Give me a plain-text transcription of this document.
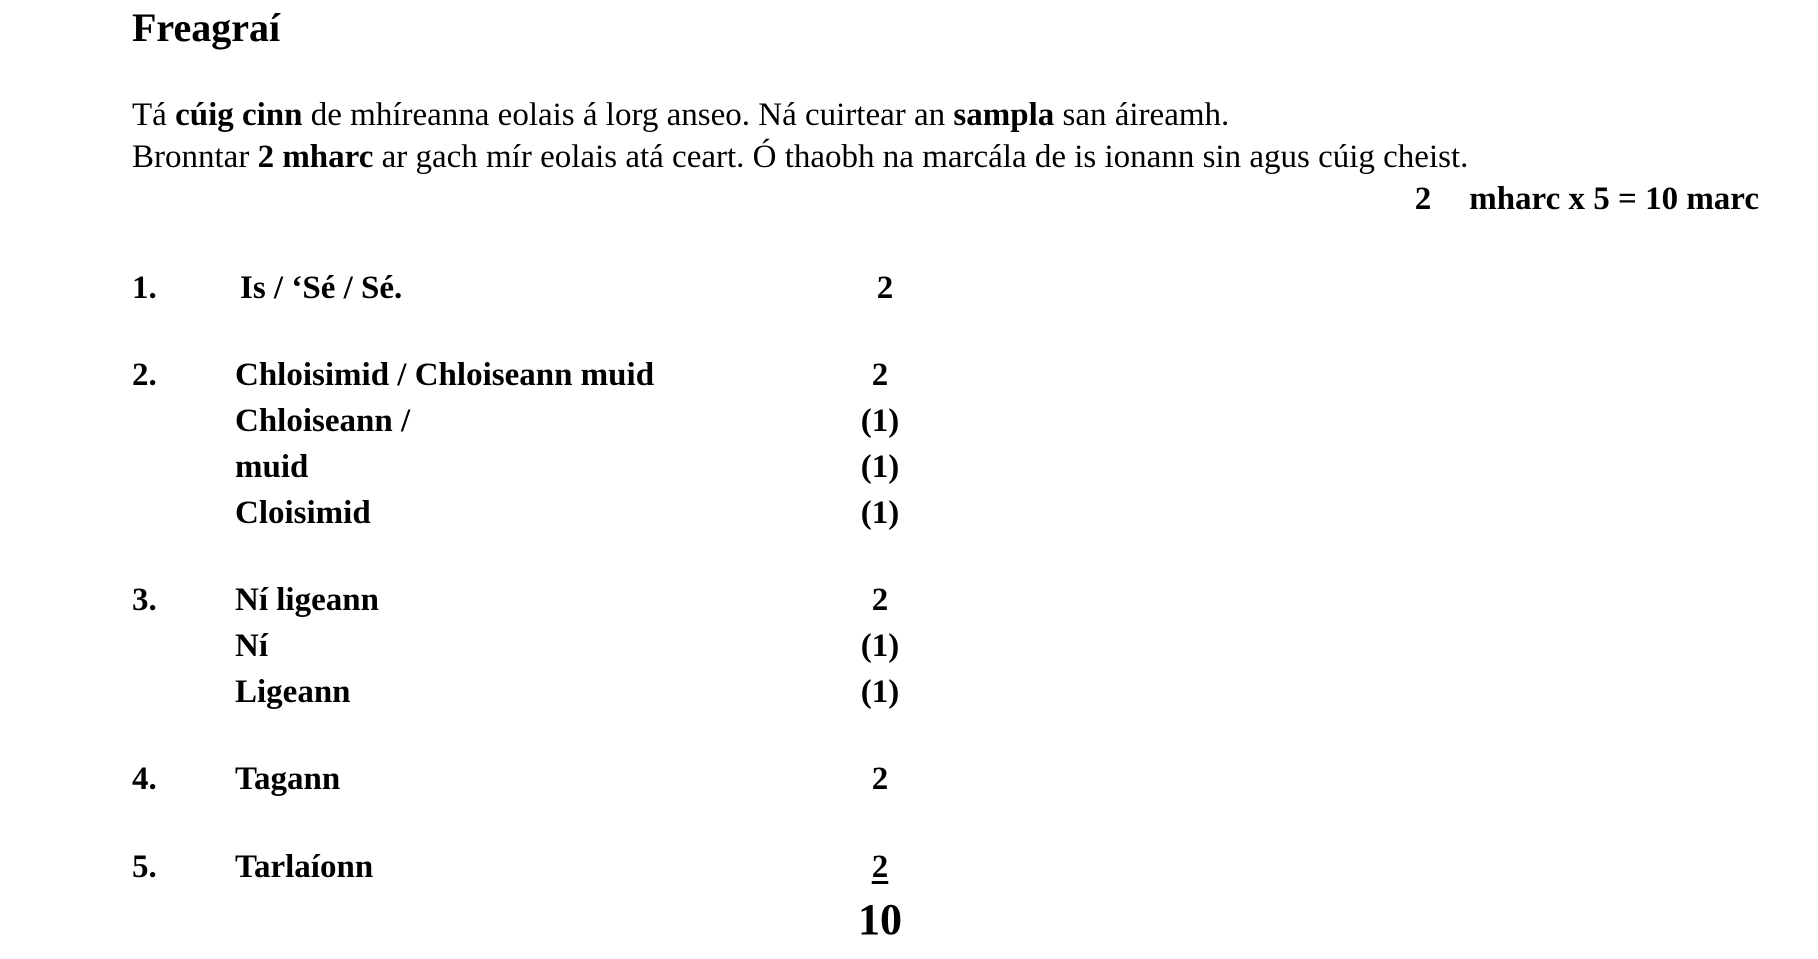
Freagraí
Tá cúig cinn de mhíreanna eolais á lorg anseo. Ná cuirtear an sampla san áireamh.
Bronntar 2 mharc ar gach mír eolais atá ceart. Ó thaobh na marcála de is ionann sin agus cúig cheist.
2 mharc x 5 = 10 marc
1.	Is / ‘Sé / Sé.	2
2. Chloisimid / Chloiseann muid	2
Chloiseann /	(1)
muid	(1)
Cloisimid	(1)
3. Ní ligeann	2
Ní	(1)
Ligeann	(1)
4. Tagann	2
5. Tarlaíonn	2
10
